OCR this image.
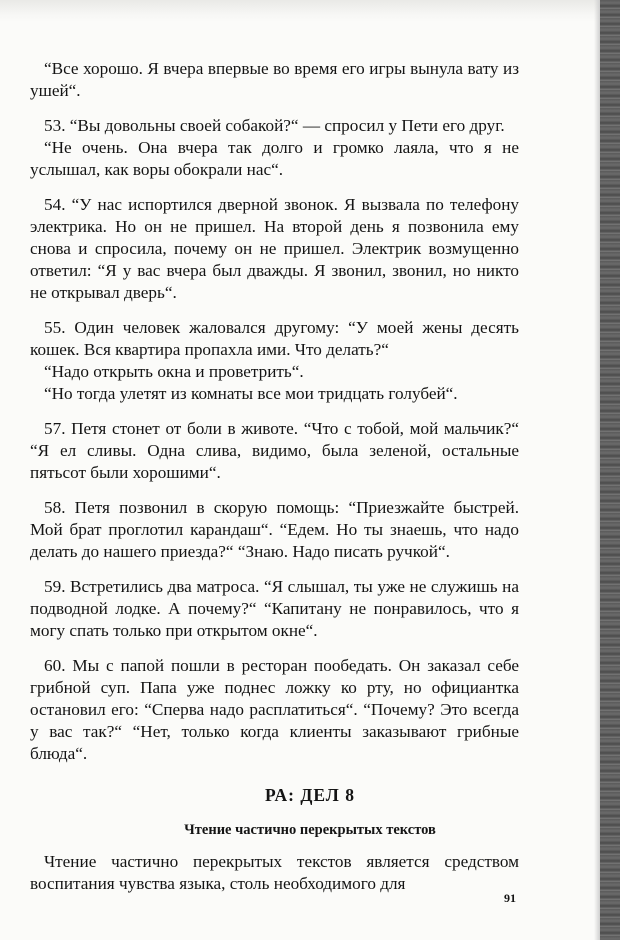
“Все хорошо. Я вчера впервые во время его игры вынула вату из ушей“.

53. “Вы довольны своей собакой?“ — спросил у Пети его друг.

“Не очень. Она вчера так долго и громко лаяла, что я не услышал, как воры обокрали нас“.

54. “У нас испортился дверной звонок. Я вызвала по телефону электрика. Но он не пришел. На второй день я позвонила ему снова и спросила, почему он не пришел. Электрик возмущенно ответил: “Я у вас вчера был дважды. Я звонил, звонил, но никто не открывал дверь“.

55. Один человек жаловался другому: “У моей жены десять кошек. Вся квартира пропахла ими. Что делать?“

“Надо открыть окна и проветрить“.

“Но тогда улетят из комнаты все мои тридцать голубей“.

57. Петя стонет от боли в животе. “Что с тобой, мой мальчик?“ “Я ел сливы. Одна слива, видимо, была зеленой, остальные пятьсот были хорошими“.

58. Петя позвонил в скорую помощь: “Приезжайте быстрей. Мой брат проглотил карандаш“. “Едем. Но ты знаешь, что надо делать до нашего приезда?“ “Знаю. Надо писать ручкой“.

59. Встретились два матроса. “Я слышал, ты уже не служишь на подводной лодке. А почему?“ “Капитану не понравилось, что я могу спать только при открытом окне“.

60. Мы с папой пошли в ресторан пообедать. Он заказал себе грибной суп. Папа уже поднес ложку ко рту, но официантка остановил его: “Сперва надо расплатиться“. “Почему? Это всегда у вас так?“ “Нет, только когда клиенты заказывают грибные блюда“.

РА: ДЕЛ 8
Чтение частично перекрытых текстов

Чтение частично перекрытых текстов является средством воспитания чувства языка, столь необходимого для

91
